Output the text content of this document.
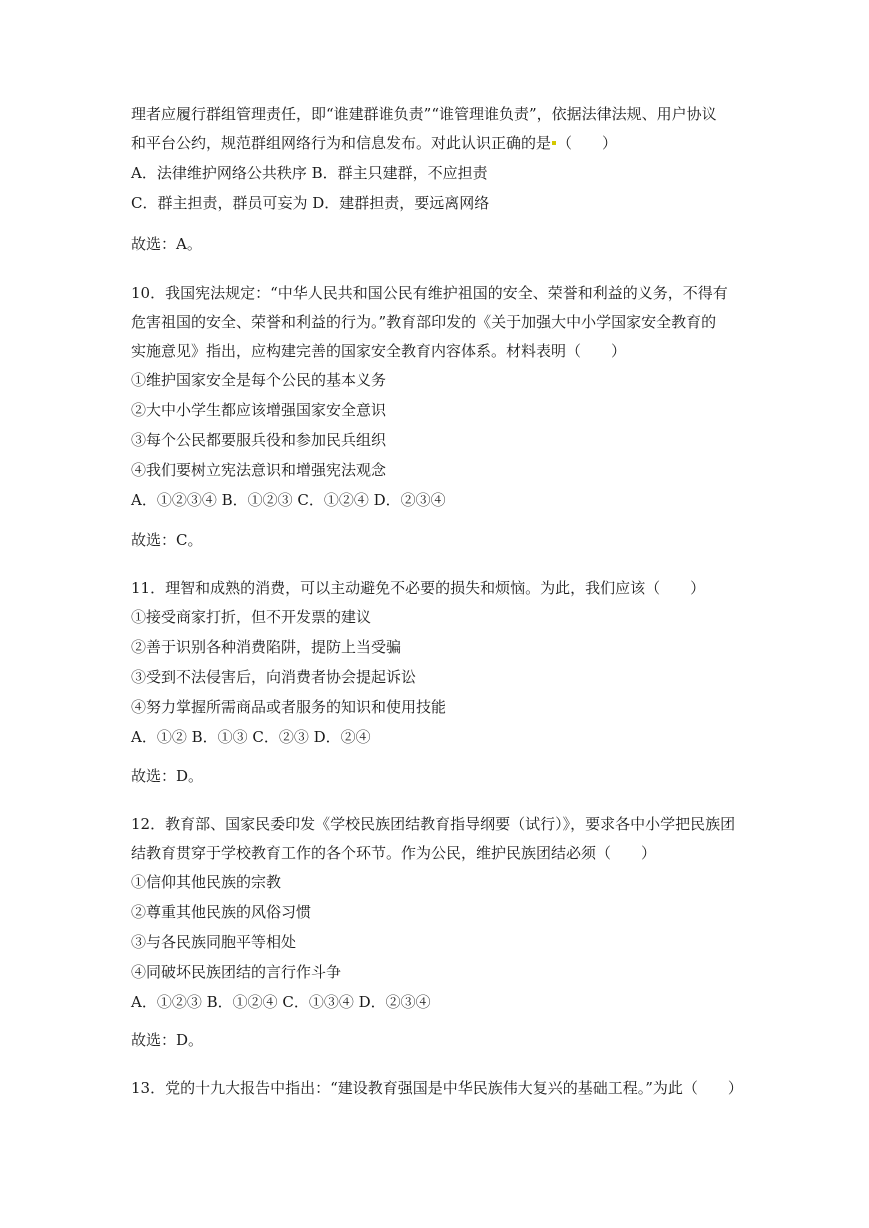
理者应履行群组管理责任，即“谁建群谁负责”“谁管理谁负责”，依据法律法规、用户协议
和平台公约，规范群组网络行为和信息发布。对此认识正确的是 （　　）
A．法律维护网络公共秩序 B．群主只建群，不应担责
C．群主担责，群员可妄为 D．建群担责，要远离网络
故选：A。
10．我国宪法规定：“中华人民共和国公民有维护祖国的安全、荣誉和利益的义务，不得有
危害祖国的安全、荣誉和利益的行为。”教育部印发的《关于加强大中小学国家安全教育的
实施意见》指出，应构建完善的国家安全教育内容体系。材料表明（　　）
①维护国家安全是每个公民的基本义务
②大中小学生都应该增强国家安全意识
③每个公民都要服兵役和参加民兵组织
④我们要树立宪法意识和增强宪法观念
A．①②③④ B．①②③ C．①②④ D．②③④
故选：C。
11．理智和成熟的消费，可以主动避免不必要的损失和烦恼。为此，我们应该（　　）
①接受商家打折，但不开发票的建议
②善于识别各种消费陷阱，提防上当受骗
③受到不法侵害后，向消费者协会提起诉讼
④努力掌握所需商品或者服务的知识和使用技能
A．①② B．①③ C．②③ D．②④
故选：D。
12．教育部、国家民委印发《学校民族团结教育指导纲要（试行）》，要求各中小学把民族团
结教育贯穿于学校教育工作的各个环节。作为公民，维护民族团结必须（　　）
①信仰其他民族的宗教
②尊重其他民族的风俗习惯
③与各民族同胞平等相处
④同破坏民族团结的言行作斗争
A．①②③ B．①②④ C．①③④ D．②③④
故选：D。
13．党的十九大报告中指出：“建设教育强国是中华民族伟大复兴的基础工程。”为此（　　）
